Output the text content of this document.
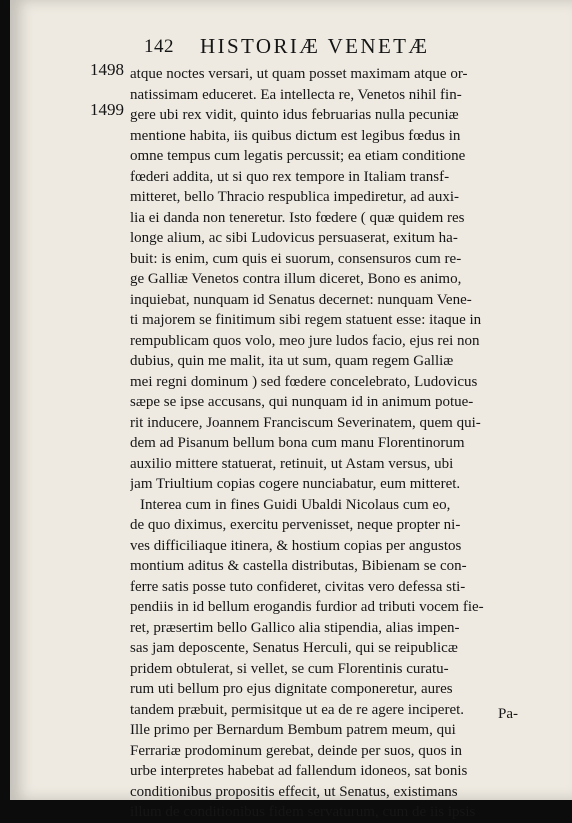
142 HISTORIÆ VENETÆ
1498
1499
atque noctes versari, ut quam posset maximam atque or-
natissimam educeret. Ea intellecta re, Venetos nihil fin-
gere ubi rex vidit, quinto idus februarias nulla pecuniæ
mentione habita, iis quibus dictum est legibus fœdus in
omne tempus cum legatis percussit; ea etiam conditione
fœderi addita, ut si quo rex tempore in Italiam transf-
mitteret, bello Thracio respublica impediretur, ad auxi-
lia ei danda non teneretur. Isto fœdere ( quæ quidem res
longe alium, ac sibi Ludovicus persuaserat, exitum ha-
buit: is enim, cum quis ei suorum, consensuros cum re-
ge Galliæ Venetos contra illum diceret, Bono es animo,
inquiebat, nunquam id Senatus decernet: nunquam Vene-
ti majorem se finitimum sibi regem statuent esse: itaque in
rempublicam quos volo, meo jure ludos facio, ejus rei non
dubius, quin me malit, ita ut sum, quam regem Galliæ
mei regni dominum ) sed fœdere concelebrato, Ludovicus
sæpe se ipse accusans, qui nunquam id in animum potue-
rit inducere, Joannem Franciscum Severinatem, quem qui-
dem ad Pisanum bellum bona cum manu Florentinorum
auxilio mittere statuerat, retinuit, ut Astam versus, ubi
jam Triultium copias cogere nunciabatur, eum mitteret.
Interea cum in fines Guidi Ubaldi Nicolaus cum eo,
de quo diximus, exercitu pervenisset, neque propter ni-
ves difficiliaque itinera, & hostium copias per angustos
montium aditus & castella distributas, Bibienam se con-
ferre satis posse tuto confideret, civitas vero defessa sti-
pendiis in id bellum erogandis furdior ad tributi vocem fie-
ret, præsertim bello Gallico alia stipendia, alias impen-
sas jam deposcente, Senatus Herculi, qui se reipublicæ
pridem obtulerat, si vellet, se cum Florentinis curatu-
rum uti bellum pro ejus dignitate componeretur, aures
tandem præbuit, permisitque ut ea de re agere inciperet.
Ille primo per Bernardum Bembum patrem meum, qui
Ferrariæ prodominum gerebat, deinde per suos, quos in
urbe interpretes habebat ad fallendum idoneos, sat bonis
conditionibus propositis effecit, ut Senatus, existimans
illum de conditionibus fidem servaturum, cum de iis ipsis
Pa-
